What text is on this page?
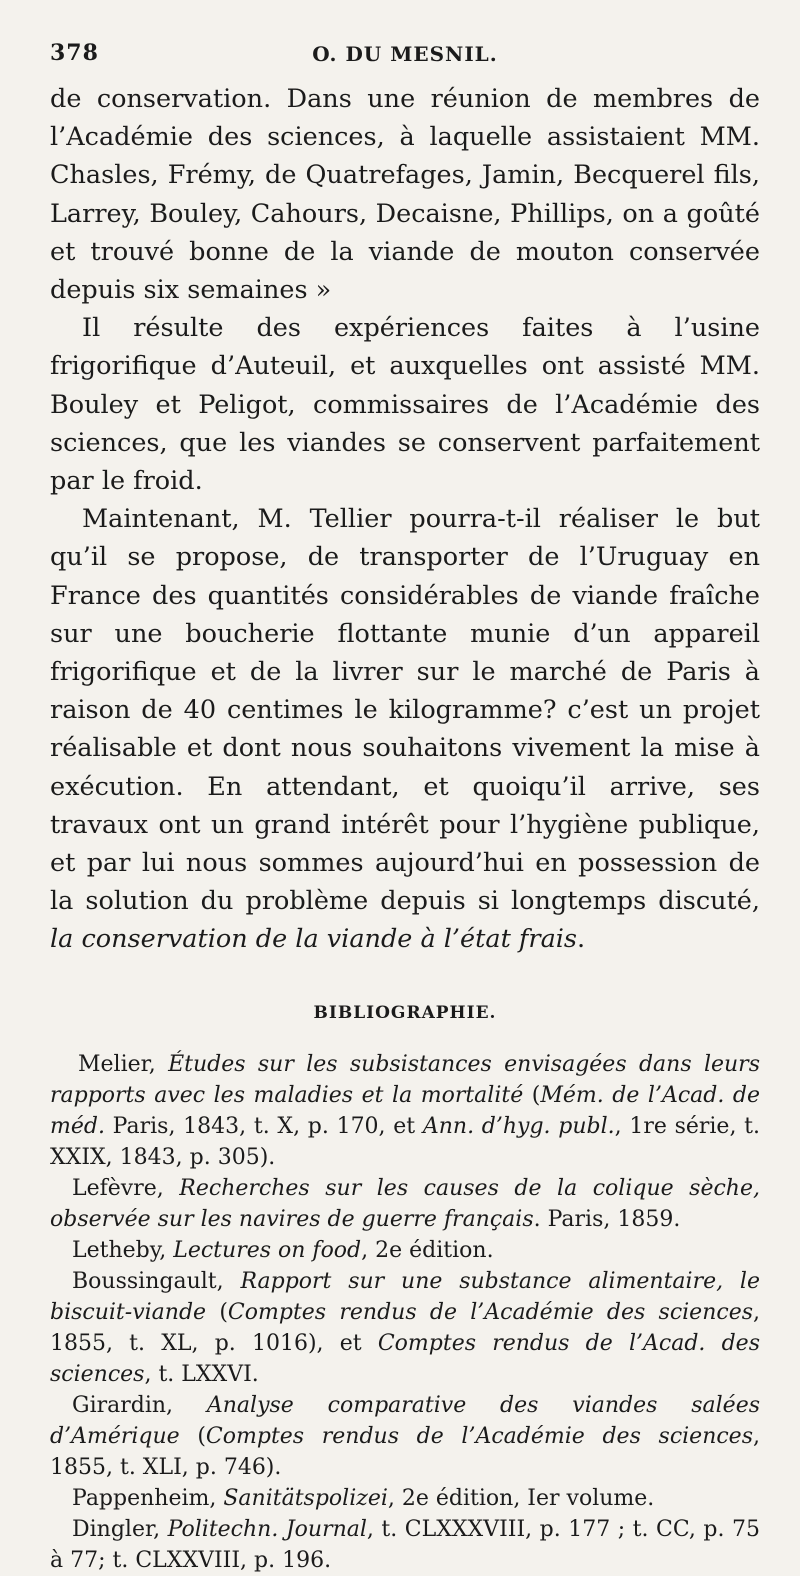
378	O. DU MESNIL.

de conservation. Dans une réunion de membres de l’Académie des sciences, à laquelle assistaient MM. Chasles, Frémy, de Quatrefages, Jamin, Becquerel fils, Larrey, Bouley, Cahours, Decaisne, Phillips, on a goûté et trouvé bonne de la viande de mouton conservée depuis six semaines »

Il résulte des expériences faites à l’usine frigorifique d’Auteuil, et auxquelles ont assisté MM. Bouley et Peligot, commissaires de l’Académie des sciences, que les viandes se conservent parfaitement par le froid.

Maintenant, M. Tellier pourra-t-il réaliser le but qu’il se propose, de transporter de l’Uruguay en France des quantités considérables de viande fraîche sur une boucherie flottante munie d’un appareil frigorifique et de la livrer sur le marché de Paris à raison de 40 centimes le kilogramme? c’est un projet réalisable et dont nous souhaitons vivement la mise à exécution. En attendant, et quoiqu’il arrive, ses travaux ont un grand intérêt pour l’hygiène publique, et par lui nous sommes aujourd’hui en possession de la solution du problème depuis si longtemps discuté, la conservation de la viande à l’état frais.

BIBLIOGRAPHIE.

Melier, Études sur les subsistances envisagées dans leurs rapports avec les maladies et la mortalité (Mém. de l’Acad. de méd. Paris, 1843, t. X, p. 170, et Ann. d’hyg. publ., 1re série, t. XXIX, 1843, p. 305).

Lefèvre, Recherches sur les causes de la colique sèche, observée sur les navires de guerre français. Paris, 1859.

Letheby, Lectures on food, 2e édition.

Boussingault, Rapport sur une substance alimentaire, le biscuit-viande (Comptes rendus de l’Académie des sciences, 1855, t. XL, p. 1016), et Comptes rendus de l’Acad. des sciences, t. LXXVI.

Girardin, Analyse comparative des viandes salées d’Amérique (Comptes rendus de l’Académie des sciences, 1855, t. XLI, p. 746).

Pappenheim, Sanitätspolizei, 2e édition, Ier volume.

Dingler, Politechn. Journal, t. CLXXXVIII, p. 177 ; t. CC, p. 75 à 77; t. CLXXVIII, p. 196.
